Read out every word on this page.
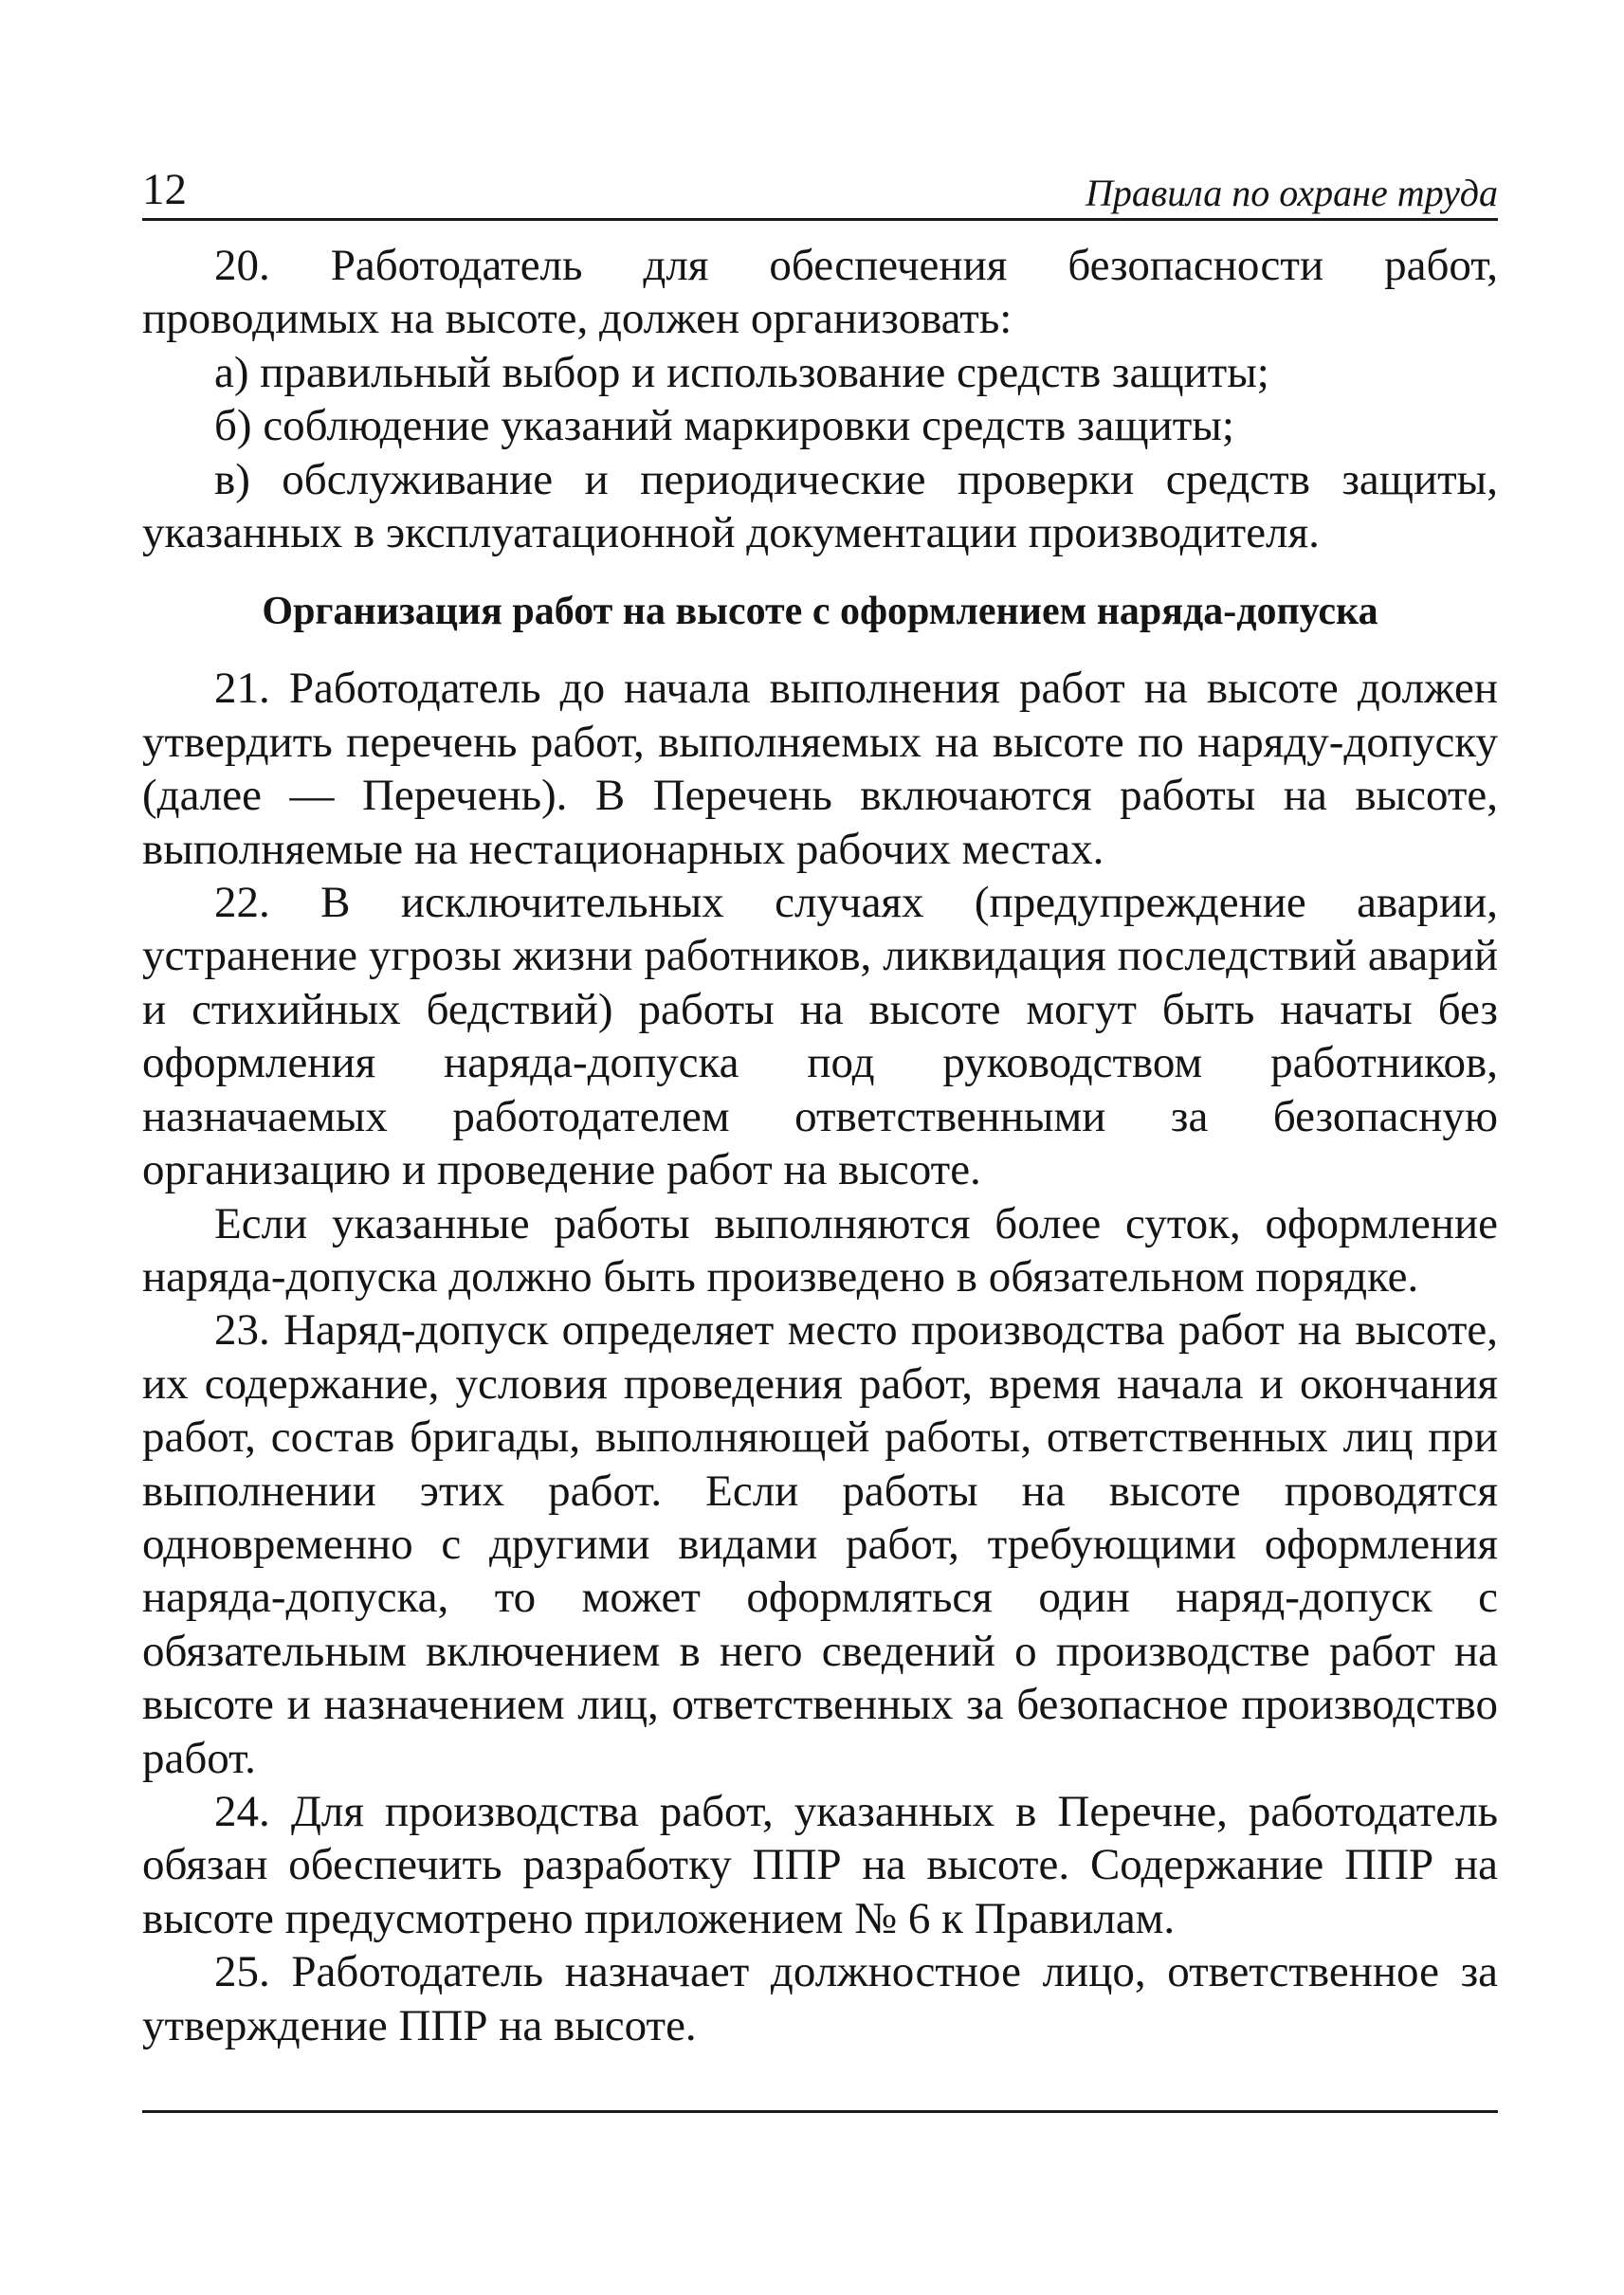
12	Правила по охране труда

20. Работодатель для обеспечения безопасности работ, проводимых на высоте, должен организовать:

а) правильный выбор и использование средств защиты;

б) соблюдение указаний маркировки средств защиты;

в) обслуживание и периодические проверки средств защиты, указанных в эксплуатационной документации производителя.

Организация работ на высоте с оформлением наряда-допуска

21. Работодатель до начала выполнения работ на высоте должен утвердить перечень работ, выполняемых на высоте по наряду-допуску (далее — Перечень). В Перечень включаются работы на высоте, выполняемые на нестационарных рабочих местах.

22. В исключительных случаях (предупреждение аварии, устранение угрозы жизни работников, ликвидация последствий аварий и стихийных бедствий) работы на высоте могут быть начаты без оформления наряда-допуска под руководством работников, назначаемых работодателем ответственными за безопасную организацию и проведение работ на высоте.

Если указанные работы выполняются более суток, оформление наряда-допуска должно быть произведено в обязательном порядке.

23. Наряд-допуск определяет место производства работ на высоте, их содержание, условия проведения работ, время начала и окончания работ, состав бригады, выполняющей работы, ответственных лиц при выполнении этих работ. Если работы на высоте проводятся одновременно с другими видами работ, требующими оформления наряда-допуска, то может оформляться один наряд-допуск с обязательным включением в него сведений о производстве работ на высоте и назначением лиц, ответственных за безопасное производство работ.

24. Для производства работ, указанных в Перечне, работодатель обязан обеспечить разработку ППР на высоте. Содержание ППР на высоте предусмотрено приложением № 6 к Правилам.

25. Работодатель назначает должностное лицо, ответственное за утверждение ППР на высоте.
